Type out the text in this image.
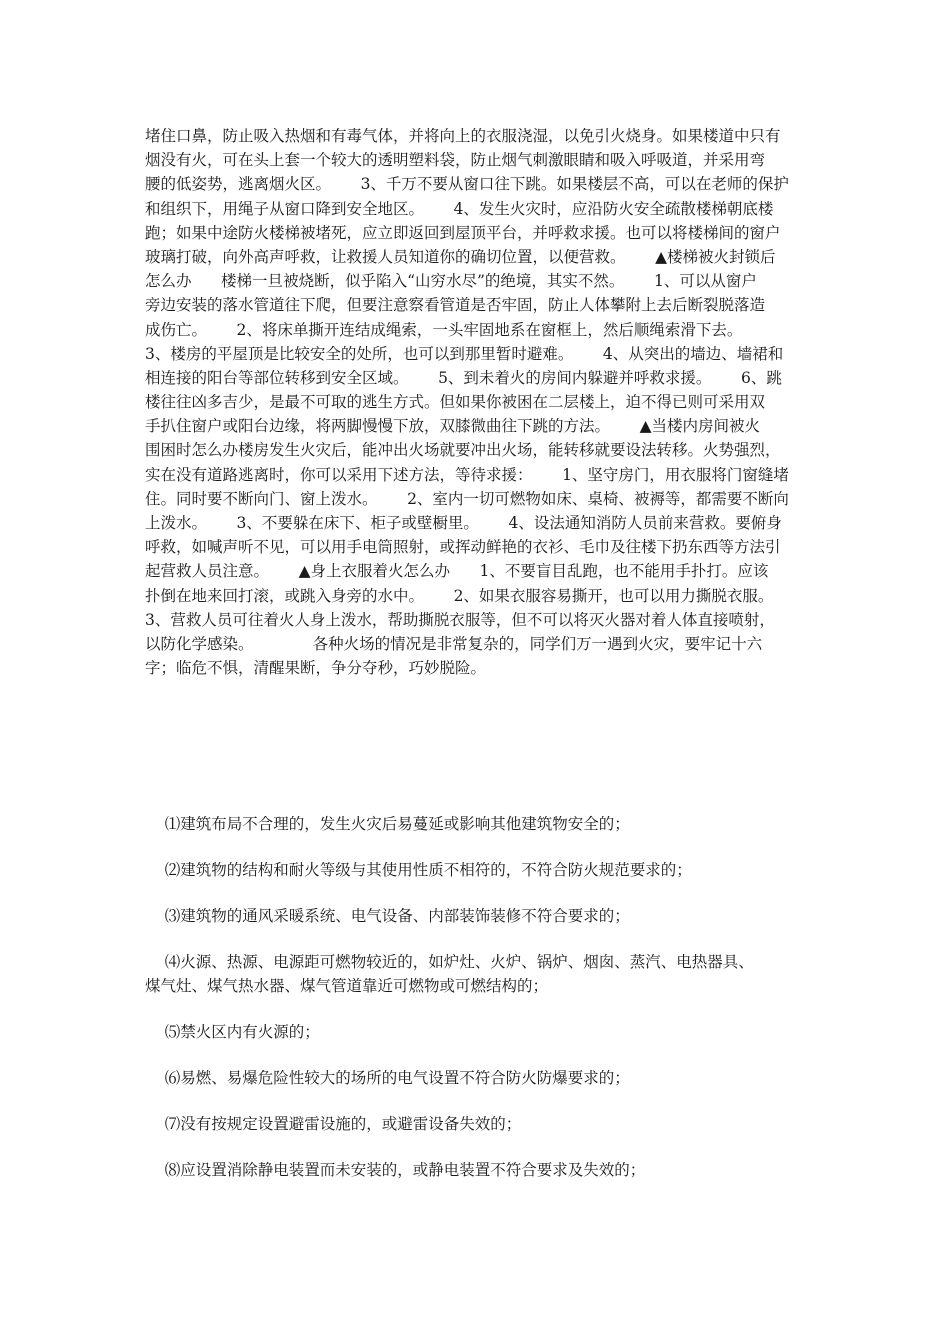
堵住口鼻，防止吸入热烟和有毒气体，并将向上的衣服浇湿，以免引火烧身。如果楼道中只有
烟没有火，可在头上套一个较大的透明塑料袋，防止烟气刺激眼睛和吸入呼吸道，并采用弯
腰的低姿势，逃离烟火区。      3、千万不要从窗口往下跳。如果楼层不高，可以在老师的保护
和组织下，用绳子从窗口降到安全地区。      4、发生火灾时，应沿防火安全疏散楼梯朝底楼
跑；如果中途防火楼梯被堵死，应立即返回到屋顶平台，并呼救求援。也可以将楼梯间的窗户
玻璃打破，向外高声呼救，让救援人员知道你的确切位置，以便营救。      ▲楼梯被火封锁后
怎么办      楼梯一旦被烧断，似乎陷入“山穷水尽”的绝境，其实不然。      1、可以从窗户
旁边安装的落水管道往下爬，但要注意察看管道是否牢固，防止人体攀附上去后断裂脱落造
成伤亡。      2、将床单撕开连结成绳索，一头牢固地系在窗框上，然后顺绳索滑下去。
3、楼房的平屋顶是比较安全的处所，也可以到那里暂时避难。      4、从突出的墙边、墙裙和
相连接的阳台等部位转移到安全区域。      5、到未着火的房间内躲避并呼救求援。      6、跳
楼往往凶多吉少，是最不可取的逃生方式。但如果你被困在二层楼上，迫不得已则可采用双
手扒住窗户或阳台边缘，将两脚慢慢下放，双膝微曲往下跳的方法。      ▲当楼内房间被火
围困时怎么办楼房发生火灾后，能冲出火场就要冲出火场，能转移就要设法转移。火势强烈，
实在没有道路逃离时，你可以采用下述方法，等待求援：      1、坚守房门，用衣服将门窗缝堵
住。同时要不断向门、窗上泼水。      2、室内一切可燃物如床、桌椅、被褥等，都需要不断向
上泼水。      3、不要躲在床下、柜子或壁橱里。      4、设法通知消防人员前来营救。要俯身
呼救，如喊声听不见，可以用手电筒照射，或挥动鲜艳的衣衫、毛巾及往楼下扔东西等方法引
起营救人员注意。      ▲身上衣服着火怎么办      1、不要盲目乱跑，也不能用手扑打。应该
扑倒在地来回打滚，或跳入身旁的水中。      2、如果衣服容易撕开，也可以用力撕脱衣服。
3、营救人员可往着火人身上泼水，帮助撕脱衣服等，但不可以将灭火器对着人体直接喷射，
以防化学感染。            各种火场的情况是非常复杂的，同学们万一遇到火灾，要牢记十六
字；临危不惧，清醒果断，争分夺秒，巧妙脱险。
⑴建筑布局不合理的，发生火灾后易蔓延或影响其他建筑物安全的；
⑵建筑物的结构和耐火等级与其使用性质不相符的，不符合防火规范要求的；
⑶建筑物的通风采暖系统、电气设备、内部装饰装修不符合要求的；
⑷火源、热源、电源距可燃物较近的，如炉灶、火炉、锅炉、烟囱、蒸汽、电热器具、
煤气灶、煤气热水器、煤气管道靠近可燃物或可燃结构的；
⑸禁火区内有火源的；
⑹易燃、易爆危险性较大的场所的电气设置不符合防火防爆要求的；
⑺没有按规定设置避雷设施的，或避雷设备失效的；
⑻应设置消除静电装置而未安装的，或静电装置不符合要求及失效的；
